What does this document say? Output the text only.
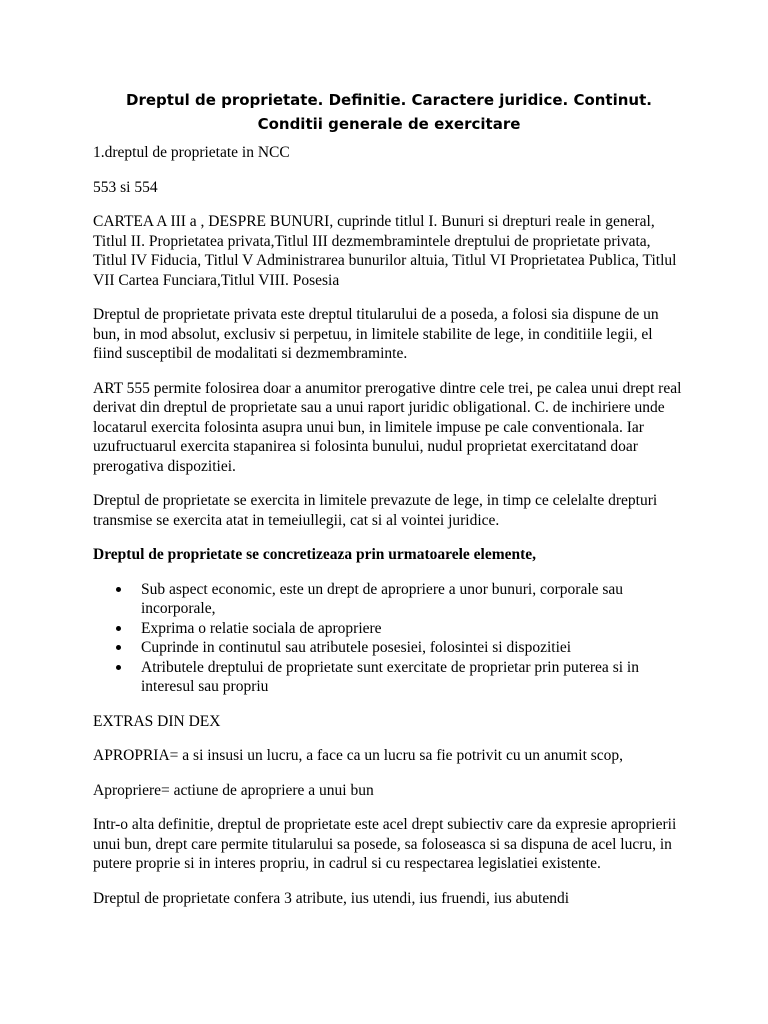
Dreptul de proprietate. Definitie. Caractere juridice. Continut. Conditii generale de exercitare

1.dreptul de proprietate in NCC

553 si 554

CARTEA A III a , DESPRE BUNURI, cuprinde titlul I. Bunuri si drepturi reale in general, Titlul II. Proprietatea privata,Titlul III dezmembramintele dreptului de proprietate privata, Titlul IV Fiducia, Titlul V Administrarea bunurilor altuia, Titlul VI Proprietatea Publica, Titlul VII Cartea Funciara,Titlul VIII. Posesia

Dreptul de proprietate privata este dreptul titularului de a poseda, a folosi sia dispune de un bun, in mod absolut, exclusiv si perpetuu, in limitele stabilite de lege, in conditiile legii, el fiind susceptibil de modalitati si dezmembraminte.

ART 555 permite folosirea doar a anumitor prerogative dintre cele trei, pe calea unui drept real derivat din dreptul de proprietate sau a unui raport juridic obligational. C. de inchiriere unde locatarul exercita folosinta asupra unui bun, in limitele impuse pe cale conventionala. Iar uzufructuarul exercita stapanirea si folosinta bunului, nudul proprietat exercitatand doar prerogativa dispozitiei.

Dreptul de proprietate se exercita in limitele prevazute de lege, in timp ce celelalte drepturi transmise se exercita atat in temeiullegii, cat si al vointei juridice.

Dreptul de proprietate se concretizeaza prin urmatoarele elemente,

Sub aspect economic, este un drept de apropriere a unor bunuri, corporale sau incorporale,
Exprima o relatie sociala de apropriere
Cuprinde in continutul sau atributele posesiei, folosintei si dispozitiei
Atributele dreptului de proprietate sunt exercitate de proprietar prin puterea si in interesul sau propriu

EXTRAS DIN DEX

APROPRIA= a si insusi un lucru, a face ca un lucru sa fie potrivit cu un anumit scop,

Apropriere= actiune de apropriere a unui bun

Intr-o alta definitie, dreptul de proprietate este acel drept subiectiv care da expresie aproprierii unui bun, drept care permite titularului sa posede, sa foloseasca si sa dispuna de acel lucru, in putere proprie si in interes propriu, in cadrul si cu respectarea legislatiei existente.

Dreptul de proprietate confera 3 atribute, ius utendi, ius fruendi, ius abutendi
